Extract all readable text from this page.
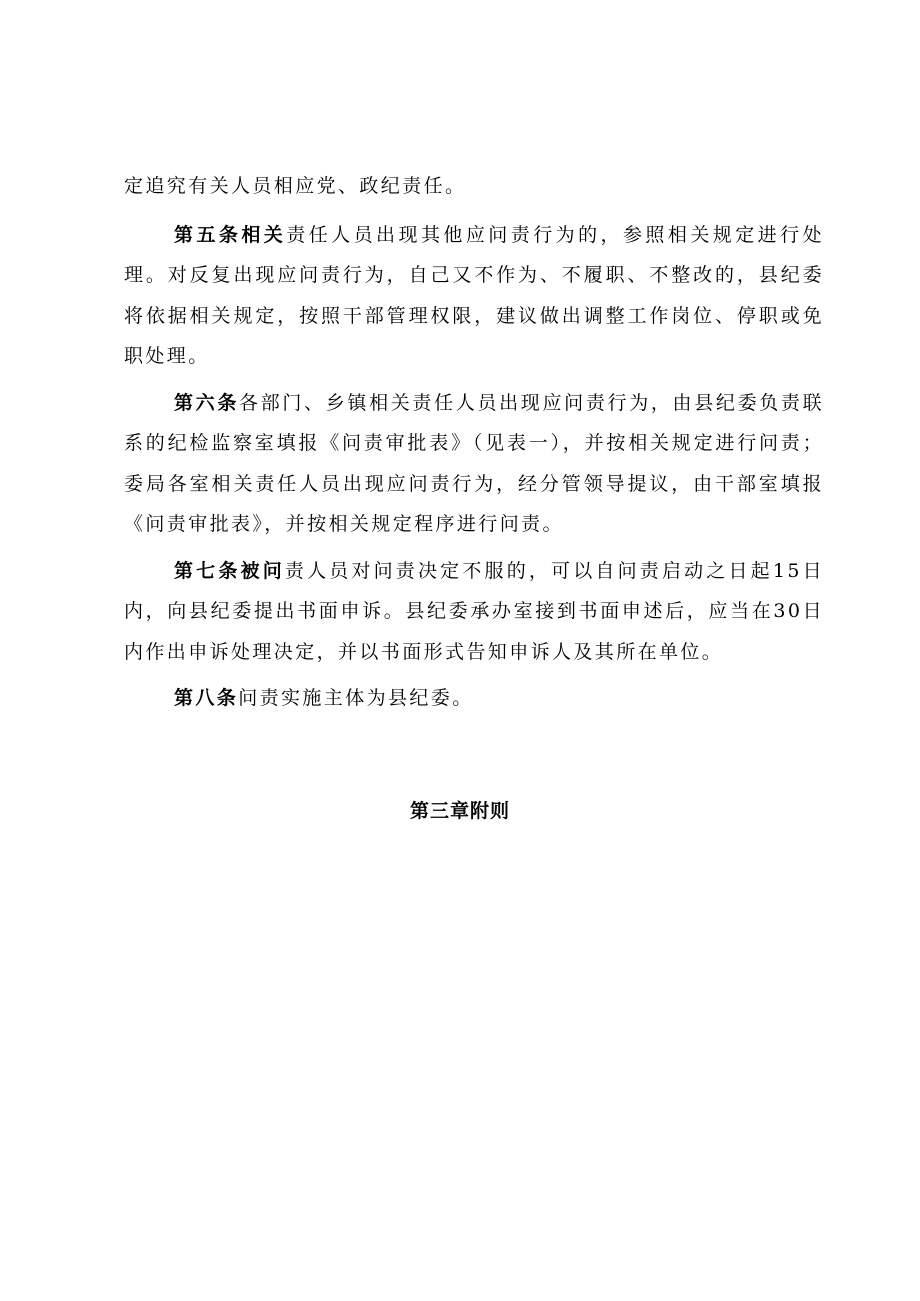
定追究有关人员相应党、政纪责任。

第五条相关责任人员出现其他应问责行为的，参照相关规定进行处理。对反复出现应问责行为，自己又不作为、不履职、不整改的，县纪委将依据相关规定，按照干部管理权限，建议做出调整工作岗位、停职或免职处理。

第六条各部门、乡镇相关责任人员出现应问责行为，由县纪委负责联系的纪检监察室填报《问责审批表》（见表一），并按相关规定进行问责；委局各室相关责任人员出现应问责行为，经分管领导提议，由干部室填报《问责审批表》，并按相关规定程序进行问责。

第七条被问责人员对问责决定不服的，可以自问责启动之日起15日内，向县纪委提出书面申诉。县纪委承办室接到书面申述后，应当在30日内作出申诉处理决定，并以书面形式告知申诉人及其所在单位。

第八条问责实施主体为县纪委。

第三章附则
